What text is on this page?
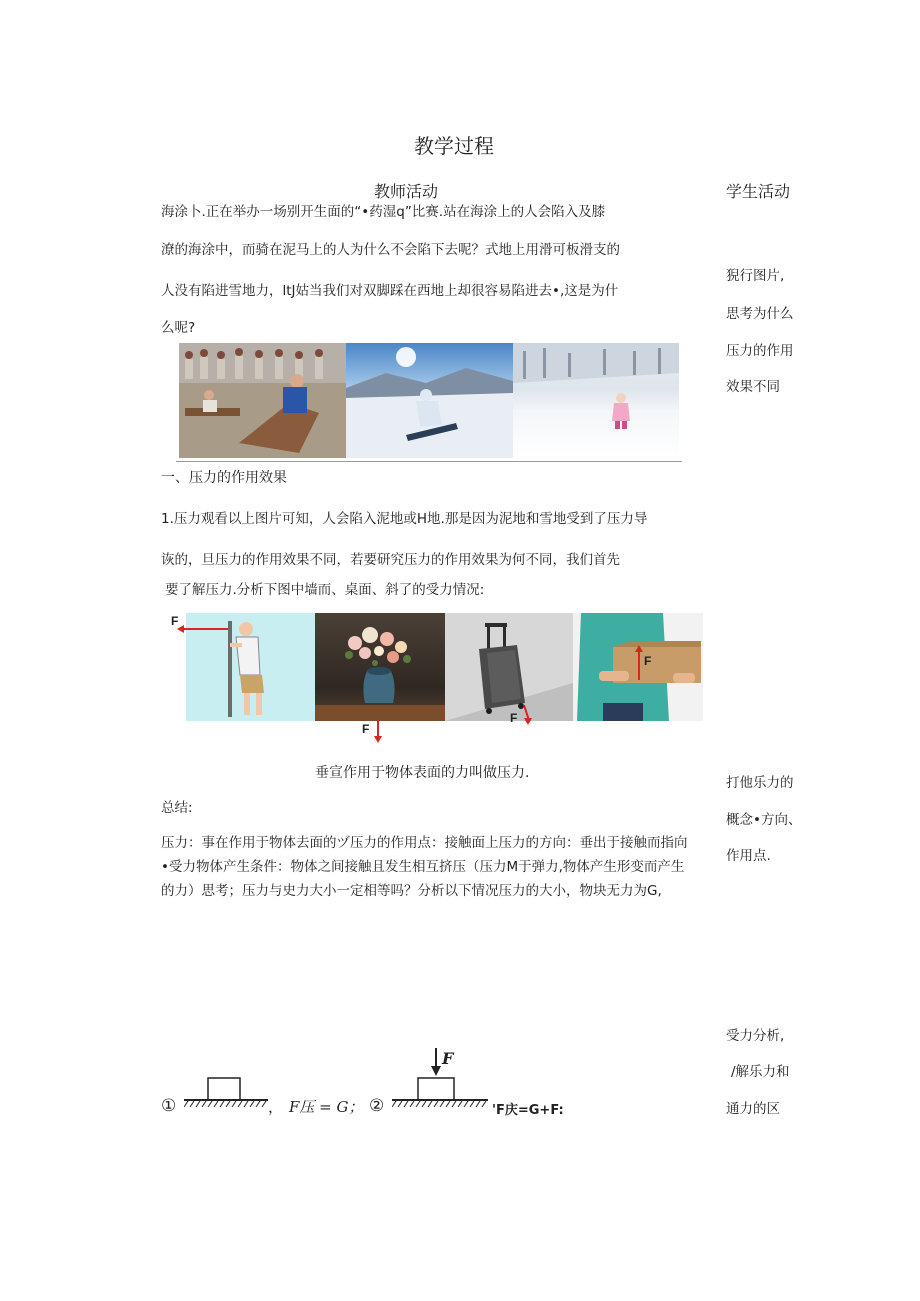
教学过程
教师活动	学生活动
海涂卜.正在举办一场别开生面的“•药湿q”比赛.站在海涂上的人会陷入及膝
潦的海涂中，而骑在泥马上的人为什么不会陷下去呢？式地上用滑可板滑支的
人没有陷进雪地力，ltJ姑当我们对双脚踩在西地上却很容易陷进去•,这是为什
么呢?
一、压力的作用效果
1.压力观看以上图片可知，人会陷入泥地或H地.那是因为泥地和雪地受到了压力导
诙的，旦压力的作用效果不同，若要研究压力的作用效果为何不同，我们首先
要了解压力.分析下图中墙而、桌面、斜了的受力情况:
F
F
F
F
垂宣作用于物体表面的力叫做压力.
总结:
压力：事在作用于物体去面的ヅ压力的作用点：接触面上压力的方向：垂出于接触而指向
•受力物体产生条件：物体之间接触且发生相互挤压（压力M于弹力,物体产生形变而产生
的力）思考；压力与史力大小一定相等吗？分析以下情况压力的大小，物块无力为G,
①	， F压 = G； ②
F
'F庆=G+F:
猊行图片,
思考为什么
压力的作用
效果不同
打他乐力的
概念•方向、
作用点.
受力分析,
/解乐力和
通力的区
